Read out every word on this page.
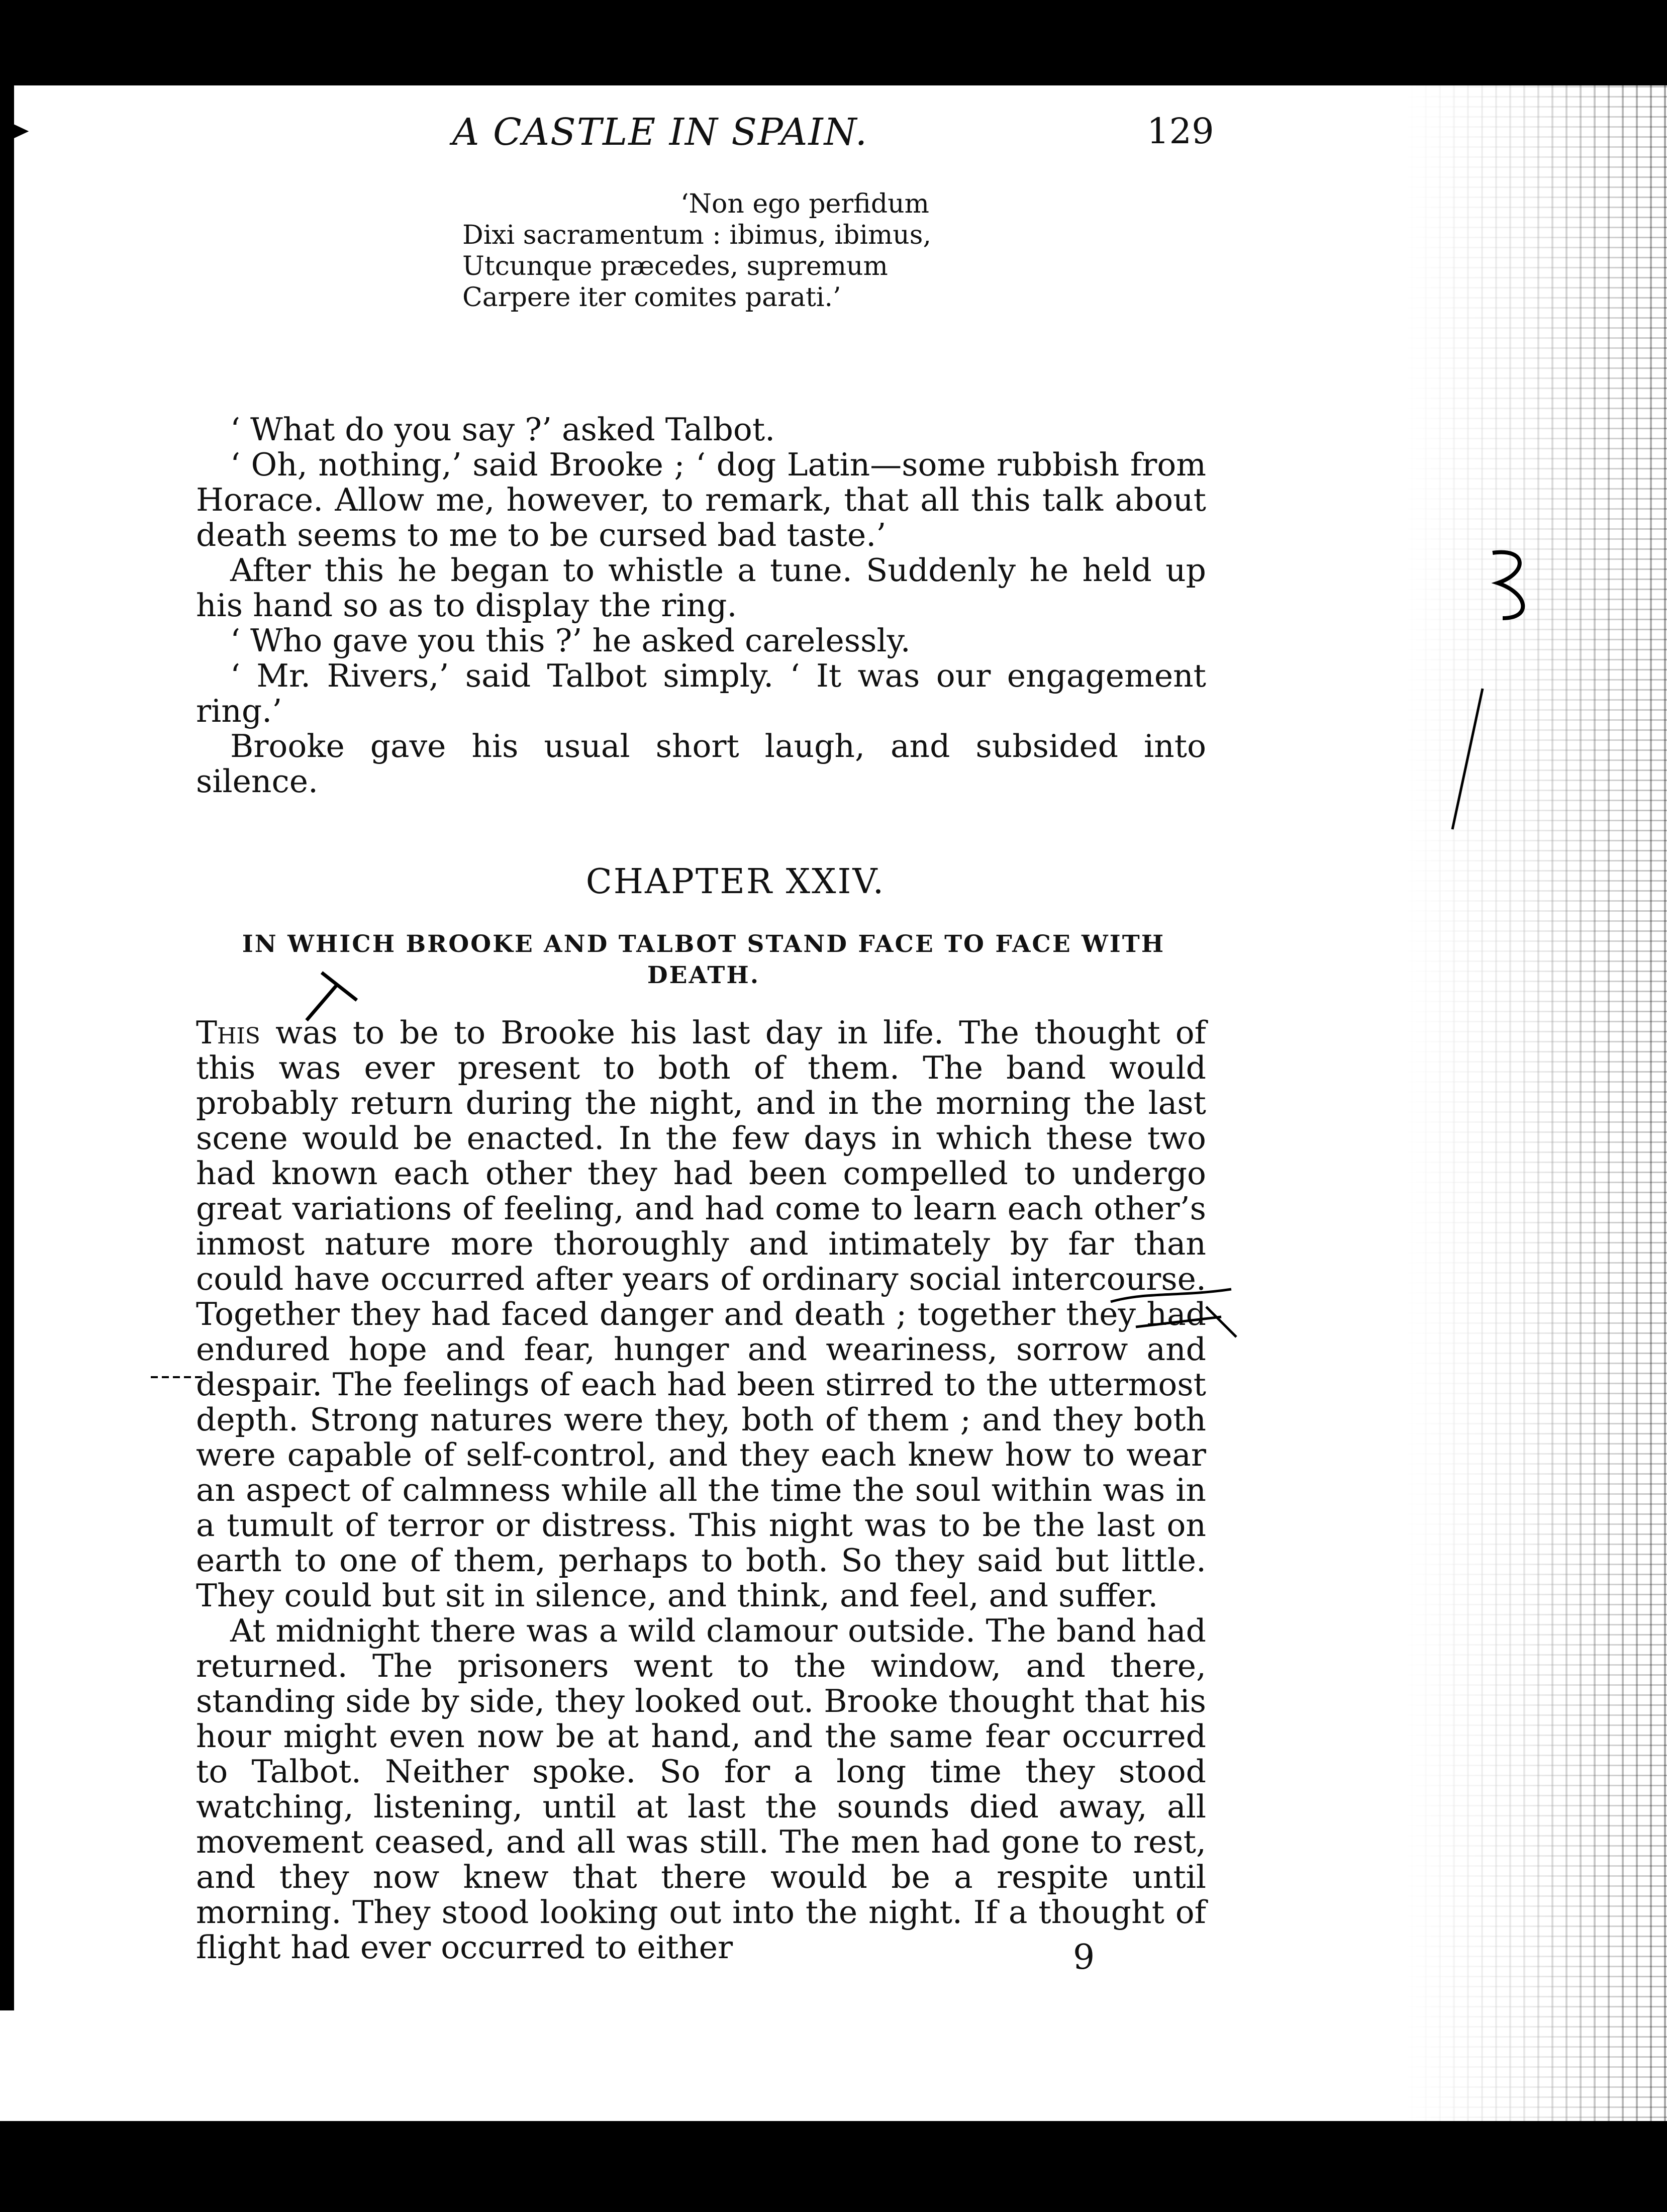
➤	A CASTLE IN SPAIN.	129
‘Non ego perfidum
Dixi sacramentum : ibimus, ibimus,
Utcunque præcedes, supremum
Carpere iter comites parati.’

‘ What do you say ?’ asked Talbot.

‘ Oh, nothing,’ said Brooke ; ‘ dog Latin—some rubbish from Horace. Allow me, however, to remark, that all this talk about death seems to me to be cursed bad taste.’

After this he began to whistle a tune. Suddenly he held up his hand so as to display the ring.

‘ Who gave you this ?’ he asked carelessly.

‘ Mr. Rivers,’ said Talbot simply. ‘ It was our engagement ring.’

Brooke gave his usual short laugh, and subsided into silence.

CHAPTER XXIV.
IN WHICH BROOKE AND TALBOT STAND FACE TO FACE WITH DEATH.

This was to be to Brooke his last day in life. The thought of this was ever present to both of them. The band would probably return during the night, and in the morning the last scene would be enacted. In the few days in which these two had known each other they had been compelled to undergo great variations of feeling, and had come to learn each other’s inmost nature more thoroughly and intimately by far than could have occurred after years of ordinary social intercourse. Together they had faced danger and death ; together they had endured hope and fear, hunger and weariness, sorrow and despair. The feelings of each had been stirred to the uttermost depth. Strong natures were they, both of them ; and they both were capable of self-control, and they each knew how to wear an aspect of calmness while all the time the soul within was in a tumult of terror or distress. This night was to be the last on earth to one of them, perhaps to both. So they said but little. They could but sit in silence, and think, and feel, and suffer.

At midnight there was a wild clamour outside. The band had returned. The prisoners went to the window, and there, standing side by side, they looked out. Brooke thought that his hour might even now be at hand, and the same fear occurred to Talbot. Neither spoke. So for a long time they stood watching, listening, until at last the sounds died away, all movement ceased, and all was still. The men had gone to rest, and they now knew that there would be a respite until morning. They stood looking out into the night. If a thought of flight had ever occurred to either	9
